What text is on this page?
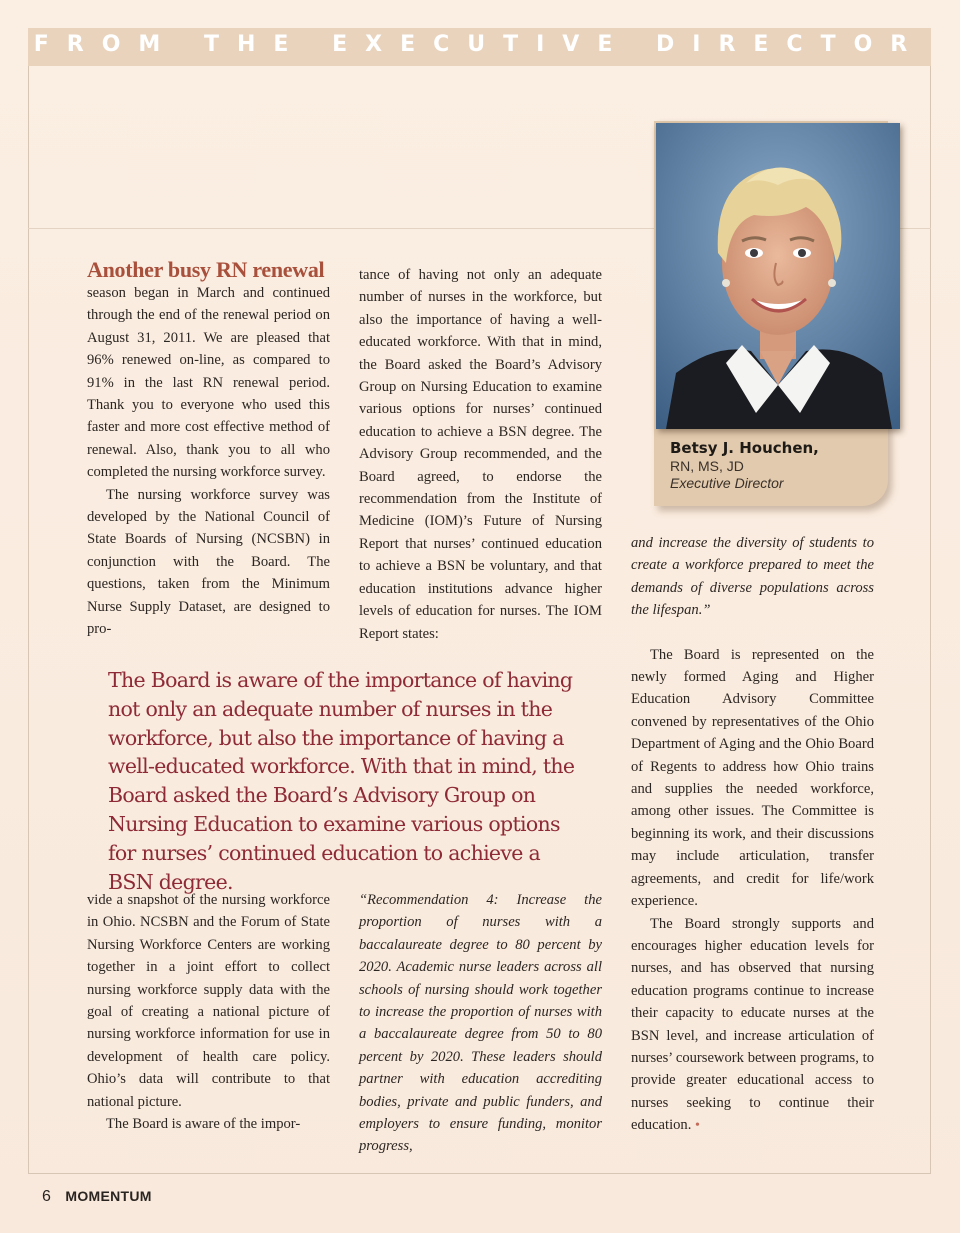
FROM THE EXECUTIVE DIRECTOR
Betsy J. Houchen,
RN, MS, JD
Executive Director

Another busy RN renewal

season began in March and continued through the end of the renewal period on August 31, 2011. We are pleased that 96% renewed on-line, as compared to 91% in the last RN renewal period. Thank you to everyone who used this faster and more cost effective method of renewal. Also, thank you to all who completed the nursing workforce survey.

The nursing workforce survey was developed by the National Council of State Boards of Nursing (NCSBN) in conjunction with the Board. The questions, taken from the Minimum Nurse Supply Dataset, are designed to pro-

tance of having not only an adequate number of nurses in the workforce, but also the importance of having a well-educated workforce. With that in mind, the Board asked the Board’s Advisory Group on Nursing Education to examine various options for nurses’ continued education to achieve a BSN degree. The Advisory Group recommended, and the Board agreed, to endorse the recommendation from the Institute of Medicine (IOM)’s Future of Nursing Report that nurses’ continued education to achieve a BSN be voluntary, and that education institutions advance higher levels of education for nurses. The IOM Report states:

The Board is aware of the importance of having not only an adequate number of nurses in the workforce, but also the importance of having a well-educated workforce. With that in mind, the Board asked the Board’s Advisory Group on Nursing Education to examine various options for nurses’ continued education to achieve a BSN degree.

vide a snapshot of the nursing workforce in Ohio. NCSBN and the Forum of State Nursing Workforce Centers are working together in a joint effort to collect nursing workforce supply data with the goal of creating a national picture of nursing workforce information for use in development of health care policy. Ohio’s data will contribute to that national picture.

The Board is aware of the impor-

“Recommendation 4: Increase the proportion of nurses with a baccalaureate degree to 80 percent by 2020. Academic nurse leaders across all schools of nursing should work together to increase the proportion of nurses with a baccalaureate degree from 50 to 80 percent by 2020. These leaders should partner with education accrediting bodies, private and public funders, and employers to ensure funding, monitor progress,

and increase the diversity of students to create a workforce prepared to meet the demands of diverse populations across the lifespan.”

The Board is represented on the newly formed Aging and Higher Education Advisory Committee convened by representatives of the Ohio Department of Aging and the Ohio Board of Regents to address how Ohio trains and supplies the needed workforce, among other issues. The Committee is beginning its work, and their discussions may include articulation, transfer agreements, and credit for life/work experience.

The Board strongly supports and encourages higher education levels for nurses, and has observed that nursing education programs continue to increase their capacity to educate nurses at the BSN level, and increase articulation of nurses’ coursework between programs, to provide greater educational access to nurses seeking to continue their education. •

6 MOMENTUM
